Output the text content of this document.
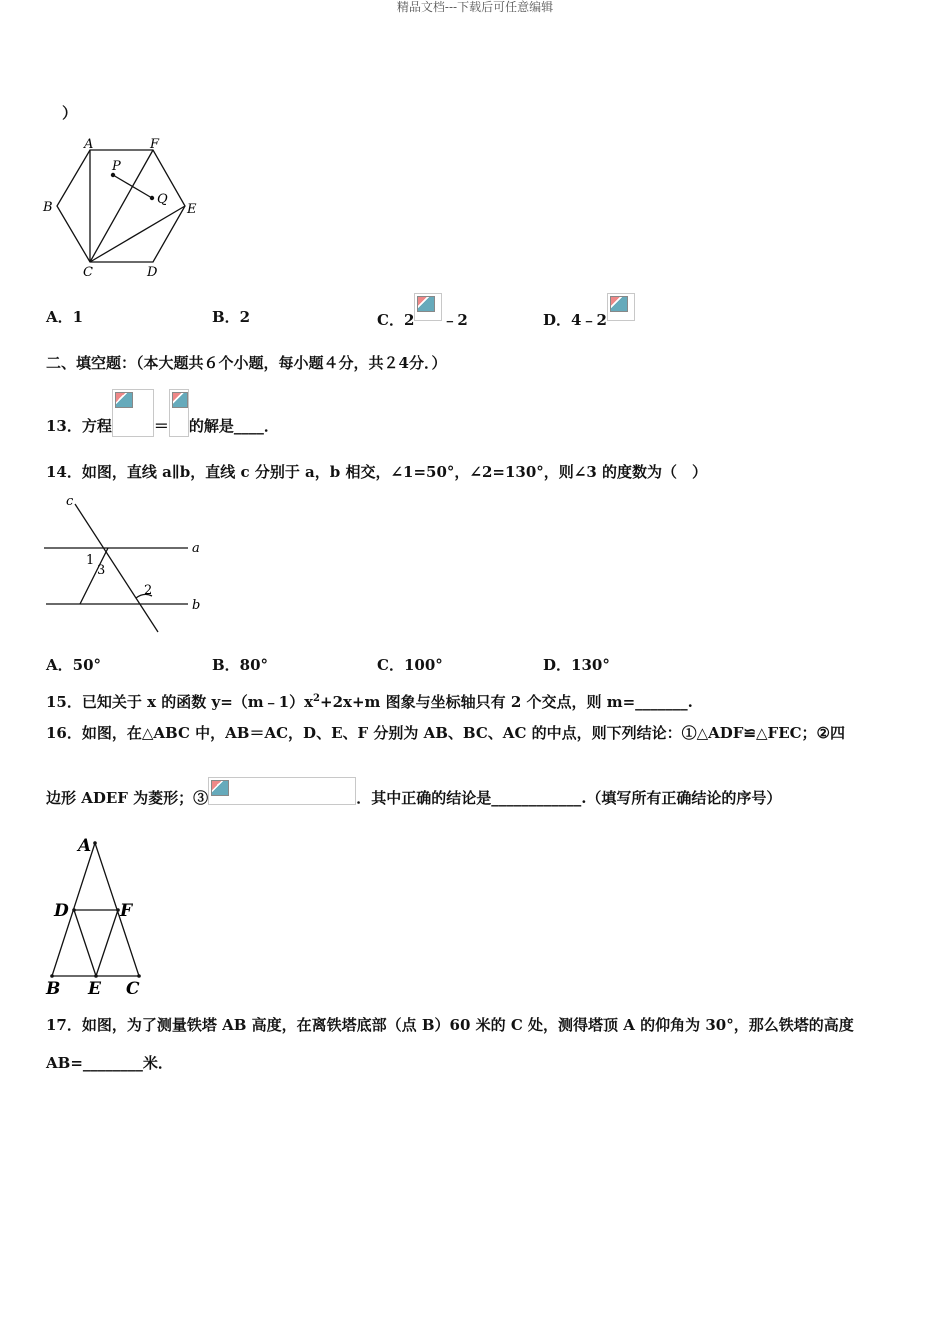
精品文档---下载后可任意编辑
）
A	F
B	E
C	D
P
Q
A．1	B．2	C．2 ﹣2	D．4﹣2
二、填空题：（本大题共６个小题，每小题４分，共２4分．）
13．方程	＝ 的解是____．
14．如图，直线 a∥b，直线 c 分别于 a，b 相交，∠1=50°，∠2=130°，则∠3 的度数为（　）
c
a
b
1
3
2
A．50°	B．80°	C．100°	D．130°
15．已知关于 x 的函数 $y=(m﹣1)x^2+2x+m$ 图象与坐标轴只有 2 个交点，则 m=_______.
16．如图，在△ABC 中，AB＝AC，D、E、F 分别为 AB、BC、AC 的中点，则下列结论：①△ADF≌△FEC；②四
边形 ADEF 为菱形；③	．其中正确的结论是____________.（填写所有正确结论的序号）
A
D	F
B E C
17．如图，为了测量铁塔 AB 高度，在离铁塔底部（点 B）60 米的 C 处，测得塔顶 A 的仰角为 30°，那么铁塔的高度
AB=________米．
